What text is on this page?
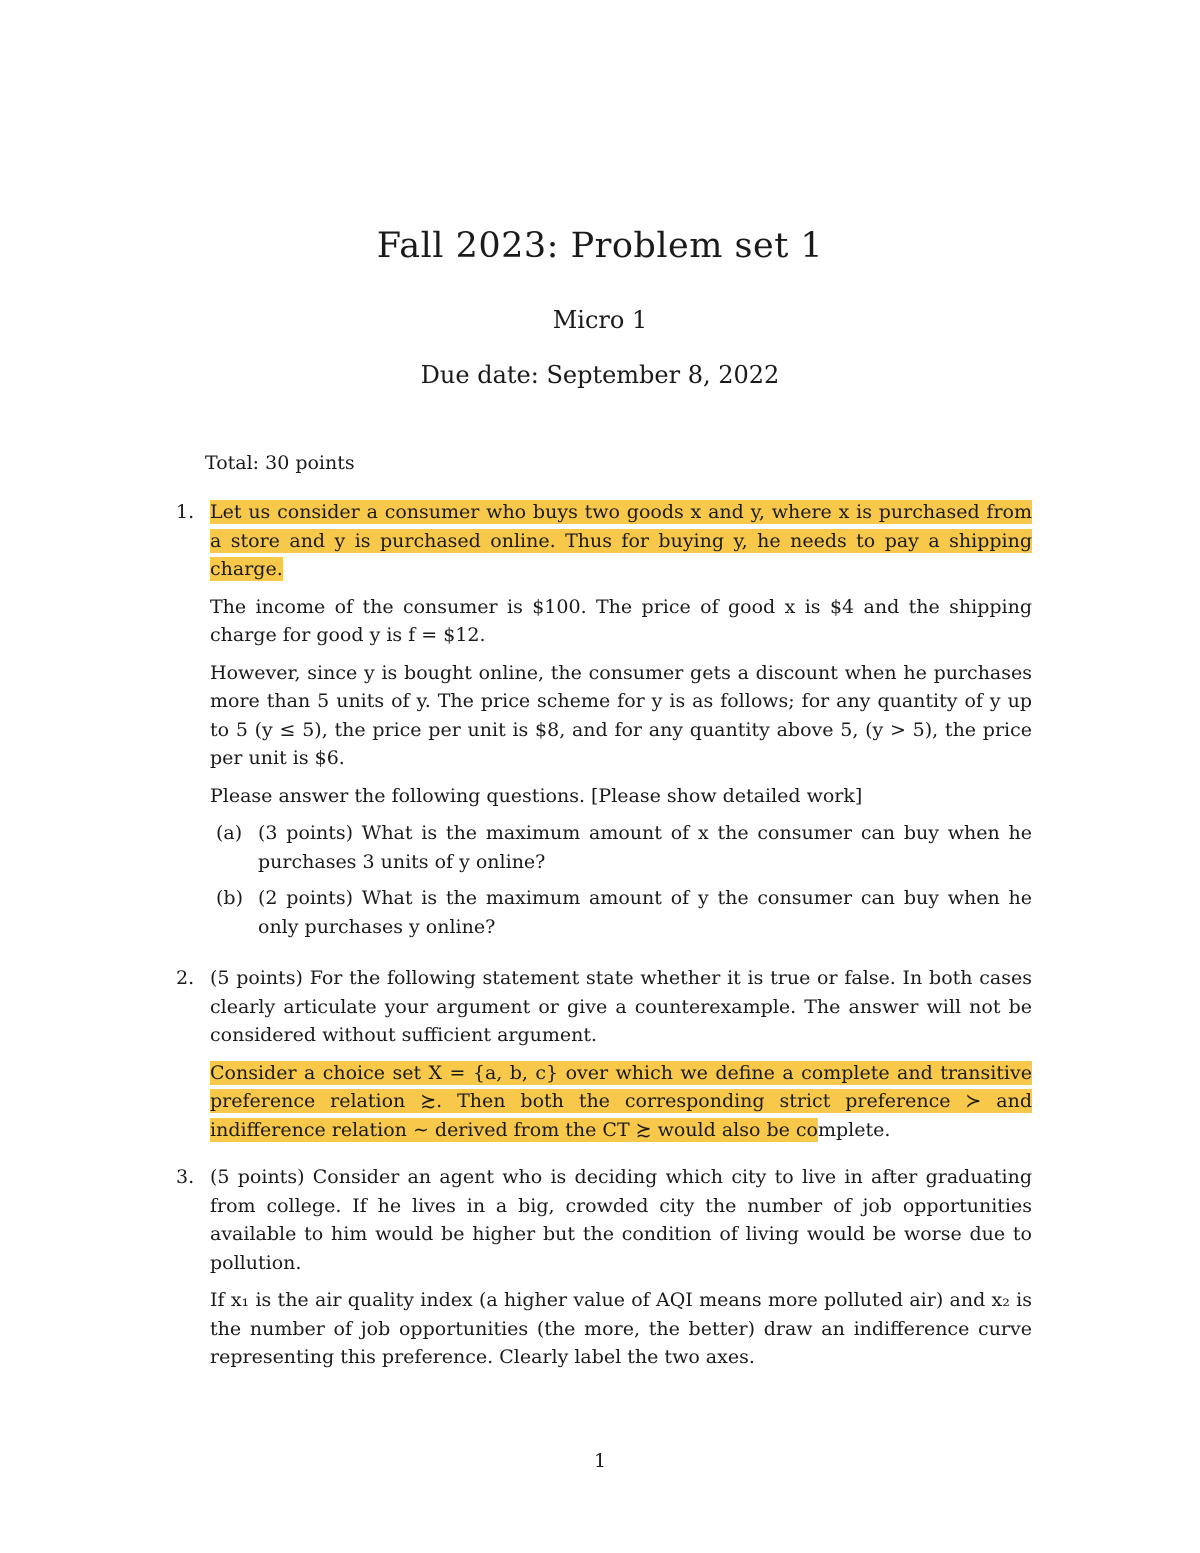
Fall 2023: Problem set 1
Micro 1
Due date: September 8, 2022
Total: 30 points
1. Let us consider a consumer who buys two goods x and y, where x is purchased from a store and y is purchased online. Thus for buying y, he needs to pay a shipping charge.

The income of the consumer is $100. The price of good x is $4 and the shipping charge for good y is f = $12.

However, since y is bought online, the consumer gets a discount when he purchases more than 5 units of y. The price scheme for y is as follows; for any quantity of y up to 5 (y ≤ 5), the price per unit is $8, and for any quantity above 5, (y > 5), the price per unit is $6.

Please answer the following questions. [Please show detailed work]

(a) (3 points) What is the maximum amount of x the consumer can buy when he purchases 3 units of y online?
(b) (2 points) What is the maximum amount of y the consumer can buy when he only purchases y online?
2. (5 points) For the following statement state whether it is true or false. In both cases clearly articulate your argument or give a counterexample. The answer will not be considered without sufficient argument.

Consider a choice set X = {a, b, c} over which we define a complete and transitive preference relation ≿. Then both the corresponding strict preference ≻ and indifference relation ∼ derived from the CT ≿ would also be complete.

3. (5 points) Consider an agent who is deciding which city to live in after graduating from college. If he lives in a big, crowded city the number of job opportunities available to him would be higher but the condition of living would be worse due to pollution.

If x₁ is the air quality index (a higher value of AQI means more polluted air) and x₂ is the number of job opportunities (the more, the better) draw an indifference curve representing this preference. Clearly label the two axes.

1
